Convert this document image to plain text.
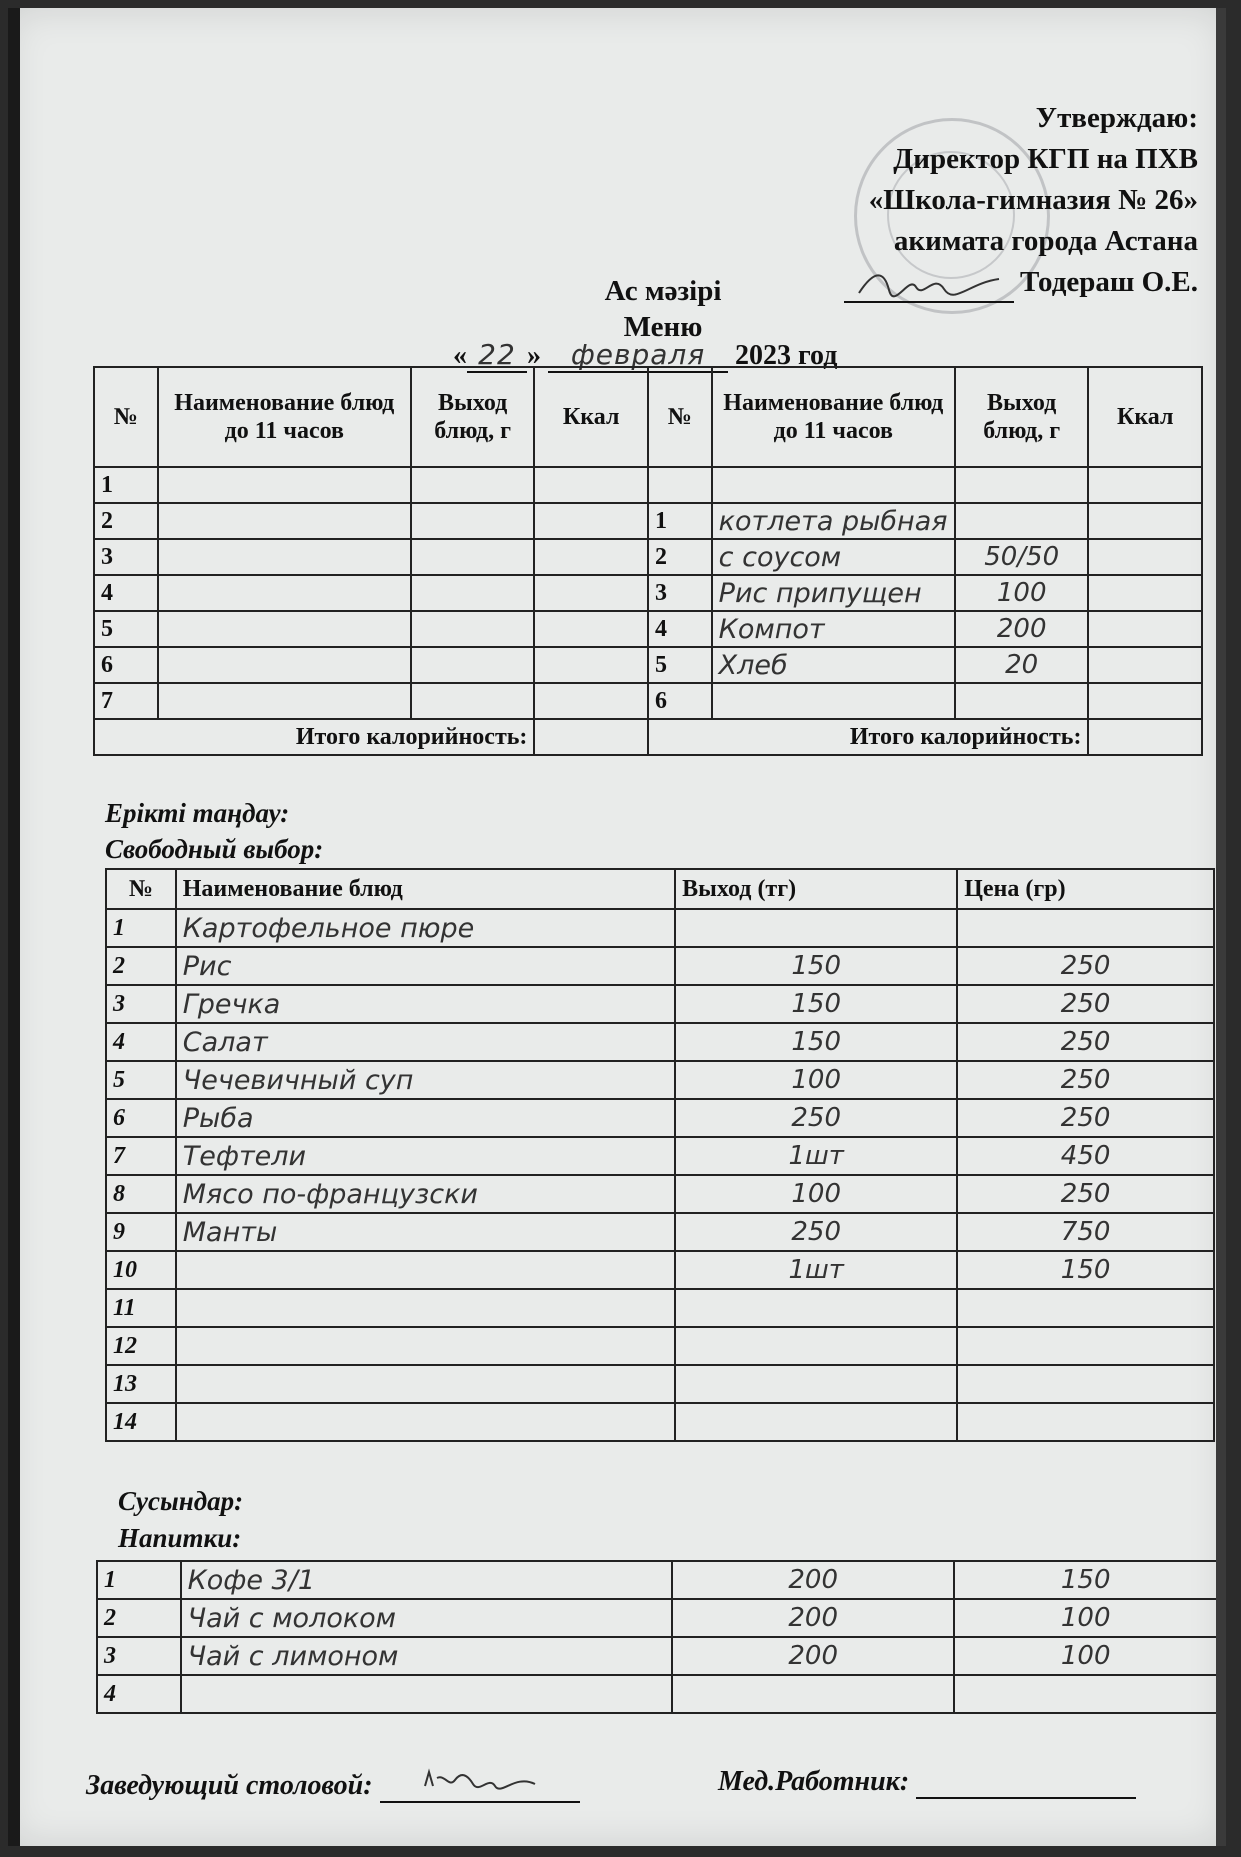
Утверждаю:
Директор КГП на ПХВ
«Школа-гимназия № 26»
акимата города Астана
Тодераш О.Е.
Ас мәзірі
Меню
« 22 » февраля 2023 год
№	Наименование блюд до 11 часов	Выход блюд, г	Ккал	№	Наименование блюд до 11 часов	Выход блюд, г	Ккал
1							
2				1	котлета рыбная		
3				2	с соусом	50/50	
4				3	Рис припущен	100	
5				4	Компот	200	
6				5	Хлеб	20	
7				6			
Итого калорийность:				Итого калорийность:			
Ерікті таңдау:
Свободный выбор:
№	Наименование блюд	Выход (тг)	Цена (гр)
1	Картофельное пюре		
2	Рис	150	250
3	Гречка	150	250
4	Салат	150	250
5	Чечевичный суп	100	250
6	Рыба	250	250
7	Тефтели	1шт	450
8	Мясо по-французски	100	250
9	Манты	250	750
10		1шт	150
11			
12			
13			
14			
Сусындар:
Напитки:
1	Кофе 3/1	200	150
2	Чай с молоком	200	100
3	Чай с лимоном	200	100
4			
Заведующий столовой:	Мед.Работник:
